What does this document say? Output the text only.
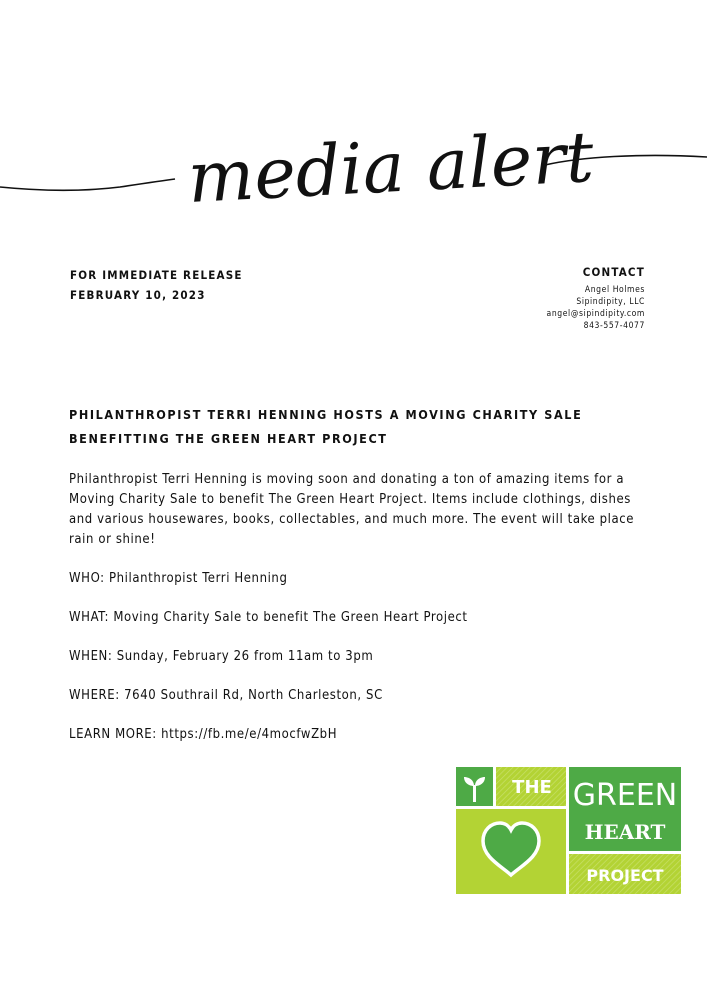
media alert
FOR IMMEDIATE RELEASE
FEBRUARY 10, 2023
CONTACT
Angel Holmes
Sipindipity, LLC
angel@sipindipity.com
843-557-4077
PHILANTHROPIST TERRI HENNING HOSTS A MOVING CHARITY SALE
BENEFITTING THE GREEN HEART PROJECT
Philanthropist Terri Henning is moving soon and donating a ton of amazing items for a Moving Charity Sale to benefit The Green Heart Project. Items include clothings, dishes and various housewares, books, collectables, and much more. The event will take place rain or shine!
WHO: Philanthropist Terri Henning
WHAT: Moving Charity Sale to benefit The Green Heart Project
WHEN: Sunday, February 26 from 11am to 3pm
WHERE: 7640 Southrail Rd, North Charleston, SC
LEARN MORE: https://fb.me/e/4mocfwZbH
THE GREEN
HEART
PROJECT
